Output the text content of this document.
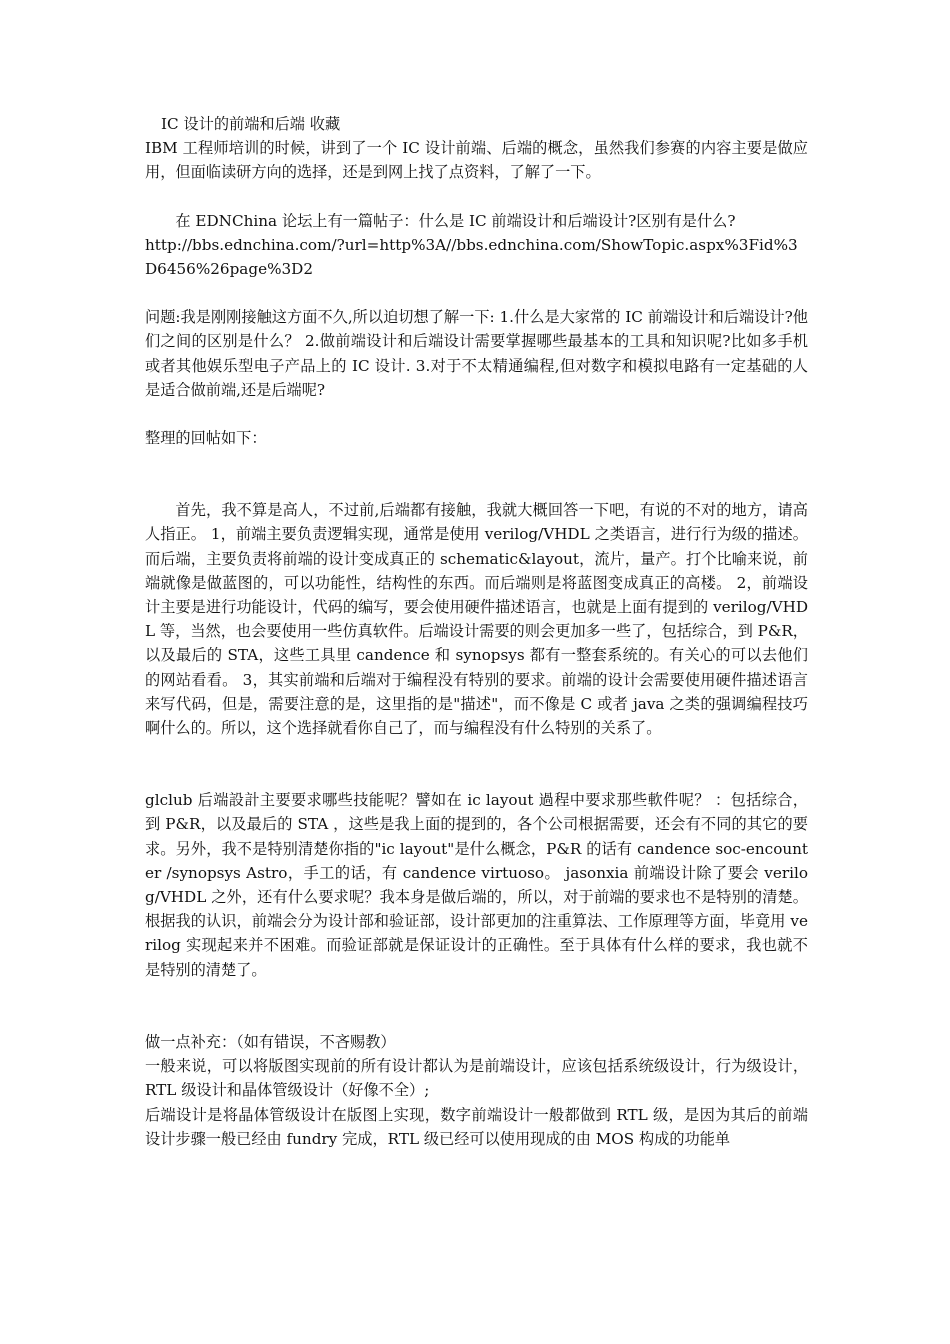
IC 设计的前端和后端 收藏

IBM 工程师培训的时候，讲到了一个 IC 设计前端、后端的概念，虽然我们参赛的内容主要是做应用，但面临读研方向的选择，还是到网上找了点资料，了解了一下。

在 EDNChina 论坛上有一篇帖子：什么是 IC 前端设计和后端设计?区别有是什么?

http://bbs.ednchina.com/?url=http%3A//bbs.ednchina.com/ShowTopic.aspx%3Fid%3D6456%26page%3D2

问题:我是刚刚接触这方面不久,所以迫切想了解一下: 1.什么是大家常的 IC 前端设计和后端设计?他们之间的区别是什么？ 2.做前端设计和后端设计需要掌握哪些最基本的工具和知识呢?比如多手机或者其他娱乐型电子产品上的 IC 设计. 3.对于不太精通编程,但对数字和模拟电路有一定基础的人是适合做前端,还是后端呢?

整理的回帖如下：

首先，我不算是高人，不过前,后端都有接触，我就大概回答一下吧，有说的不对的地方，请高人指正。 1，前端主要负责逻辑实现，通常是使用 verilog/VHDL 之类语言，进行行为级的描述。而后端，主要负责将前端的设计变成真正的 schematic&layout，流片，量产。打个比喻来说，前端就像是做蓝图的，可以功能性，结构性的东西。而后端则是将蓝图变成真正的高楼。 2，前端设计主要是进行功能设计，代码的编写，要会使用硬件描述语言，也就是上面有提到的 verilog/VHDL 等，当然，也会要使用一些仿真软件。后端设计需要的则会更加多一些了，包括综合，到 P&R，以及最后的 STA，这些工具里 candence 和 synopsys 都有一整套系统的。有关心的可以去他们的网站看看。 3，其实前端和后端对于编程没有特别的要求。前端的设计会需要使用硬件描述语言来写代码，但是，需要注意的是，这里指的是"描述"，而不像是 C 或者 java 之类的强调编程技巧啊什么的。所以，这个选择就看你自己了，而与编程没有什么特别的关系了。

glclub 后端設計主要要求哪些技能呢？譬如在 ic layout 過程中要求那些軟件呢？ ：包括综合，到 P&R，以及最后的 STA ，这些是我上面的提到的，各个公司根据需要，还会有不同的其它的要求。另外，我不是特别清楚你指的"ic layout"是什么概念，P&R 的话有 candence soc-encounter /synopsys Astro，手工的话，有 candence virtuoso。 jasonxia 前端设计除了要会 verilog/VHDL 之外，还有什么要求呢？我本身是做后端的，所以，对于前端的要求也不是特别的清楚。根据我的认识，前端会分为设计部和验证部，设计部更加的注重算法、工作原理等方面，毕竟用 verilog 实现起来并不困难。而验证部就是保证设计的正确性。至于具体有什么样的要求，我也就不是特别的清楚了。

做一点补充：（如有错误，不吝赐教）

一般来说，可以将版图实现前的所有设计都认为是前端设计，应该包括系统级设计，行为级设计，RTL 级设计和晶体管级设计（好像不全）;

后端设计是将晶体管级设计在版图上实现，数字前端设计一般都做到 RTL 级，是因为其后的前端设计步骤一般已经由 fundry 完成，RTL 级已经可以使用现成的由 MOS 构成的功能单
